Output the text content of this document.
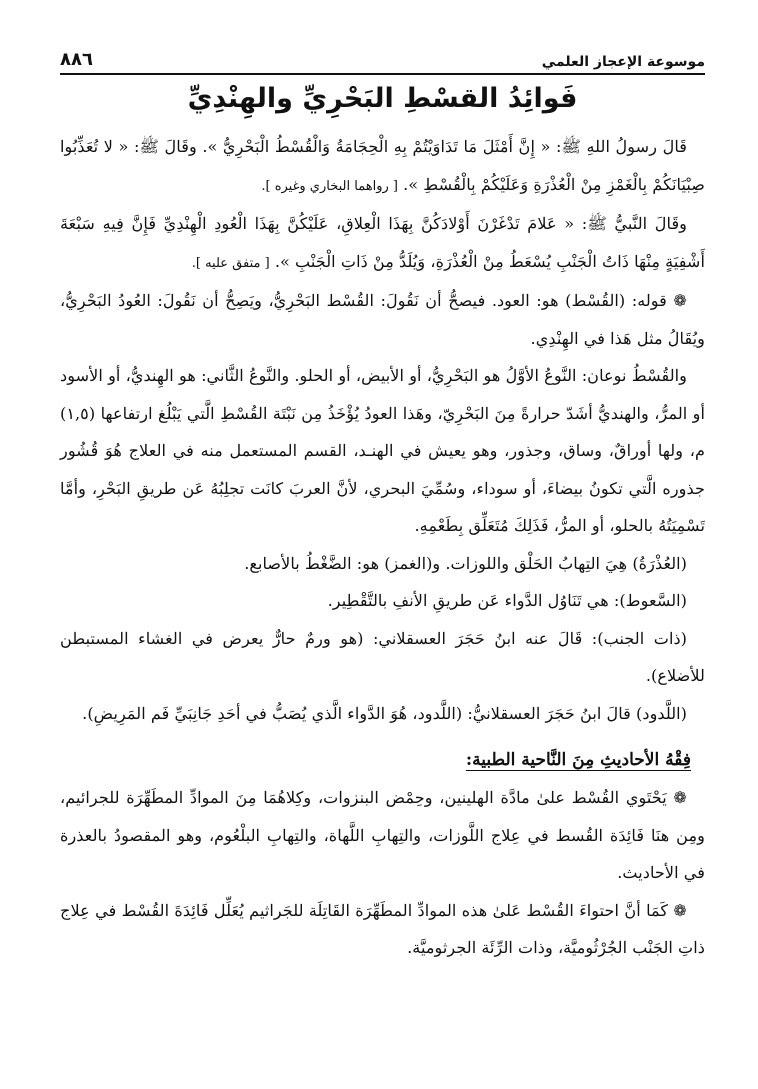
موسوعة الإعجاز العلمي
٨٨٦
فَوائِدُ القسْطِ البَحْرِيِّ والهِنْدِيِّ

قَالَ رسولُ اللهِ ﷺ: « إِنَّ أَمْثَلَ مَا تَدَاوَيْتُمْ بِهِ الْحِجَامَةُ وَالْقُسْطُ الْبَحْرِيُّ ». وقَالَ ﷺ: « لا تُعَذِّبُوا صِبْيَانَكُمْ بِالْغَمْزِ مِنْ الْعُذْرَةِ وَعَلَيْكُمْ بِالْقُسْطِ ». [ رواهما البخاري وغيره ].

وقَالَ النَّبيُّ ﷺ: « عَلامَ تَدْغَرْنَ أَوْلادَكُنَّ بِهَذَا الْعِلاقِ، عَلَيْكُنَّ بِهَذَا الْعُودِ الْهِنْدِيِّ فَإِنَّ فِيهِ سَبْعَةَ أَشْفِيَةٍ مِنْهَا ذَاتُ الْجَنْبِ يُسْعَطُ مِنْ الْعُذْرَةِ، وَيُلَدُّ مِنْ ذَاتِ الْجَنْبِ ». [ متفق عليه ].

❁ قوله: (القُسْط) هو: العود. فيصحُّ أن نَقُولَ: القُسْط البَحْرِيُّ، ويَصِحُّ أن نَقُولَ: العُودُ البَحْرِيُّ، ويُقَالُ مثل هَذا في الهِنْدِي.

والقُسْطُ نوعان: النَّوعُ الأوَّلُ هو البَحْرِيُّ، أو الأبيض، أو الحلو. والنَّوعُ الثَّاني: هو الهِنديُّ، أو الأسود أو المرُّ، والهنديُّ أشَدّ حرارةً مِنَ البَحْرِيّ، وهَذا العودُ يُؤْخَذُ مِن نَبْتَة القُسْطِ الَّتي يَبْلُغ ارتفاعها (١,٥) م، ولها أوراقٌ، وساق، وجذور، وهو يعيش في الهنـد، القسم المستعمل منه في العلاج هُوَ قُشُور جذوره الَّتي تكونُ بيضاءَ، أو سوداء، وسُمِّيَ البحري، لأنَّ العربَ كانَت تجلِبُهُ عَن طريقِ البَحْرِ، وأمَّا تَسْمِيَتُهُ بالحلو، أو المرُّ، فَذَلِكَ مُتَعَلِّق بِطَعْمِهِ.

(العُذْرَةُ) هِيَ التِهابُ الحَلْق واللوزات. و(الغمز) هو: الضَّغْطُ بالأصابع.

(السَّعوط): هي تَنَاوُل الدَّواء عَن طريقِ الأنفِ بالتَّقْطِير.

(ذات الجنب): قَالَ عنه ابنُ حَجَرَ العسقلاني: (هو ورمٌ حارٌّ يعرض في الغشاء المستبطن للأضلاع).

(اللَّدود) قالَ ابنُ حَجَرَ العسقلانيُّ: (اللَّدود، هُوَ الدَّواء الَّذي يُصَبُّ في أحَدِ جَانِبَيِّ فَم المَرِيضِ).

فِقْهُ الأحاديثِ مِنَ النَّاحية الطبية:

❁ يَحْتَوي القُسْط علىٰ مادَّة الهلينين، وحِمْض البنزوات، وكِلاهُمَا مِنَ الموادِّ المطَهِّرَة للجرائيم، ومِن هنَا فَائِدَة القُسط في عِلاج اللَّوزات، والتِهابِ اللَّهاة، والتِهابِ البلْعُوم، وهو المقصودُ بالعذرة في الأحاديث.

❁ كَمَا أنَّ احتواءَ القُسْط عَلىٰ هذه الموادِّ المطَهِّرَة القَاتِلَة للجَراثيم يُعَلِّل فَائِدَةَ القُسْط في عِلاج ذاتِ الجَنْب الجُرْثُوميَّة، وذات الرِّئَة الجرثوميَّة.
